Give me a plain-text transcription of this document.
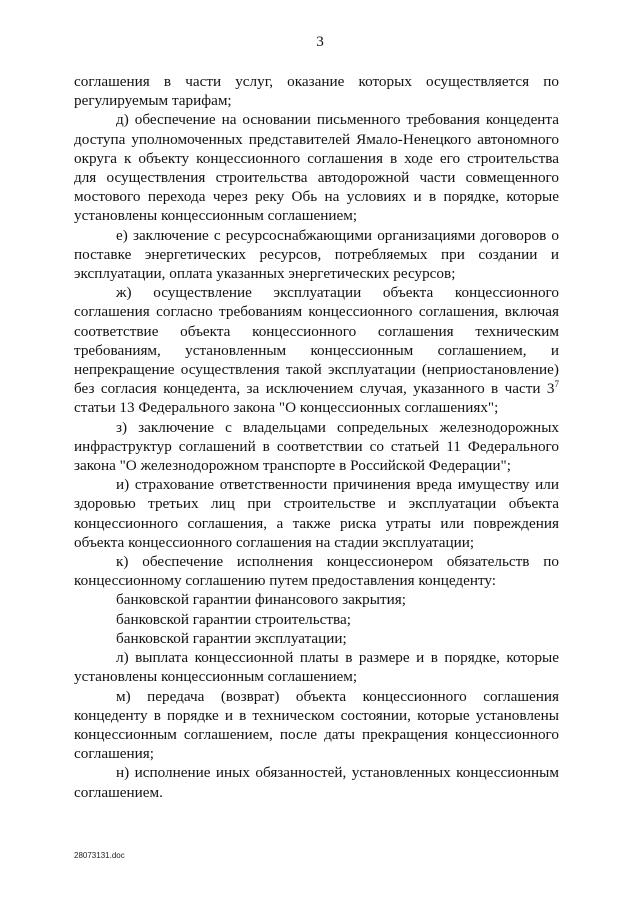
3

соглашения в части услуг, оказание которых осуществляется по регулируемым тарифам;

д) обеспечение на основании письменного требования концедента доступа уполномоченных представителей Ямало-Ненецкого автономного округа к объекту концессионного соглашения в ходе его строительства для осуществления строительства автодорожной части совмещенного мостового перехода через реку Обь на условиях и в порядке, которые установлены концессионным соглашением;

е) заключение с ресурсоснабжающими организациями договоров о поставке энергетических ресурсов, потребляемых при создании и эксплуатации, оплата указанных энергетических ресурсов;

ж) осуществление эксплуатации объекта концессионного соглашения согласно требованиям концессионного соглашения, включая соответствие объекта концессионного соглашения техническим требованиям, установленным концессионным соглашением, и непрекращение осуществления такой эксплуатации (неприостановление) без согласия концедента, за исключением случая, указанного в части $3^7$ статьи 13 Федерального закона "О концессионных соглашениях";

з) заключение с владельцами сопредельных железнодорожных инфраструктур соглашений в соответствии со статьей 11 Федерального закона "О железнодорожном транспорте в Российской Федерации";

и) страхование ответственности причинения вреда имуществу или здоровью третьих лиц при строительстве и эксплуатации объекта концессионного соглашения, а также риска утраты или повреждения объекта концессионного соглашения на стадии эксплуатации;

к) обеспечение исполнения концессионером обязательств по концессионному соглашению путем предоставления концеденту:

банковской гарантии финансового закрытия;

банковской гарантии строительства;

банковской гарантии эксплуатации;

л) выплата концессионной платы в размере и в порядке, которые установлены концессионным соглашением;

м) передача (возврат) объекта концессионного соглашения концеденту в порядке и в техническом состоянии, которые установлены концессионным соглашением, после даты прекращения концессионного соглашения;

н) исполнение иных обязанностей, установленных концессионным соглашением.

28073131.doc
